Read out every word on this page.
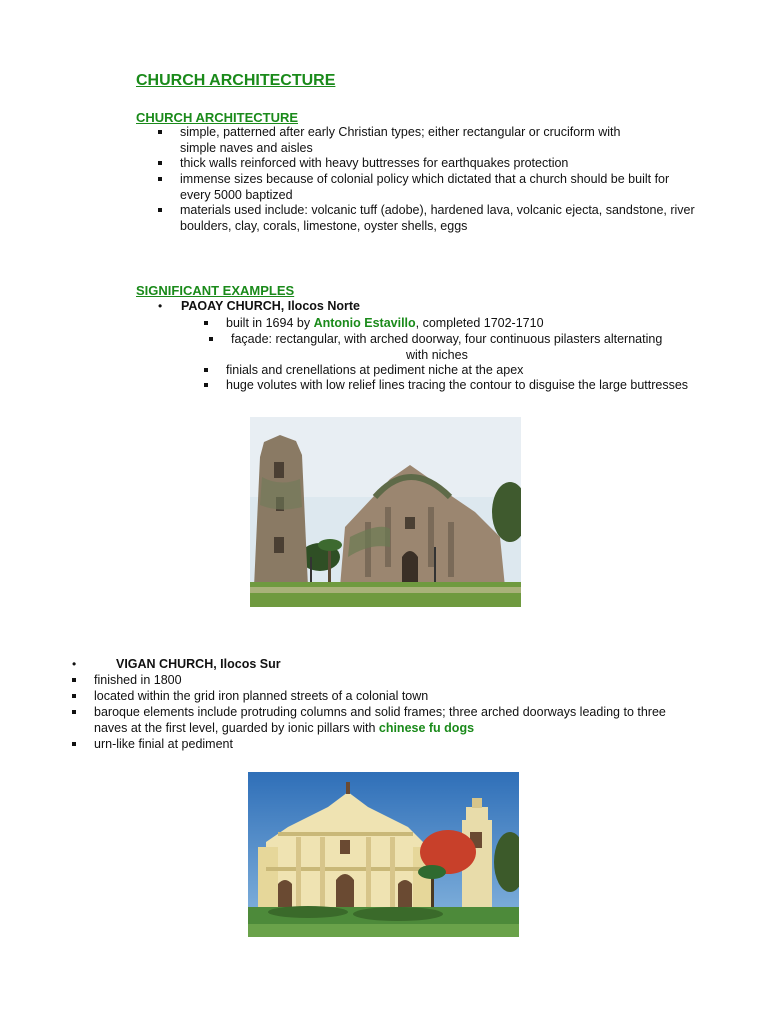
CHURCH ARCHITECTURE
CHURCH ARCHITECTURE
simple, patterned after early Christian types; either rectangular or cruciform with
simple naves and aisles
thick walls reinforced with heavy buttresses for earthquakes protection
immense sizes because of colonial policy which dictated that a church should be built for
every 5000 baptized
materials used include: volcanic tuff (adobe), hardened lava, volcanic ejecta, sandstone, river
boulders, clay, corals, limestone, oyster shells, eggs
SIGNIFICANT EXAMPLES
• PAOAY CHURCH, Ilocos Norte
built in 1694 by Antonio Estavillo, completed 1702-1710
façade: rectangular, with arched doorway, four continuous pilasters alternating
with niches
finials and crenellations at pediment niche at the apex
huge volutes with low relief lines tracing the contour to disguise the large buttresses
•	VIGAN CHURCH, Ilocos Sur
finished in 1800
located within the grid iron planned streets of a colonial town
baroque elements include protruding columns and solid frames; three arched doorways leading to three
naves at the first level, guarded by ionic pillars with chinese fu dogs
urn-like finial at pediment
